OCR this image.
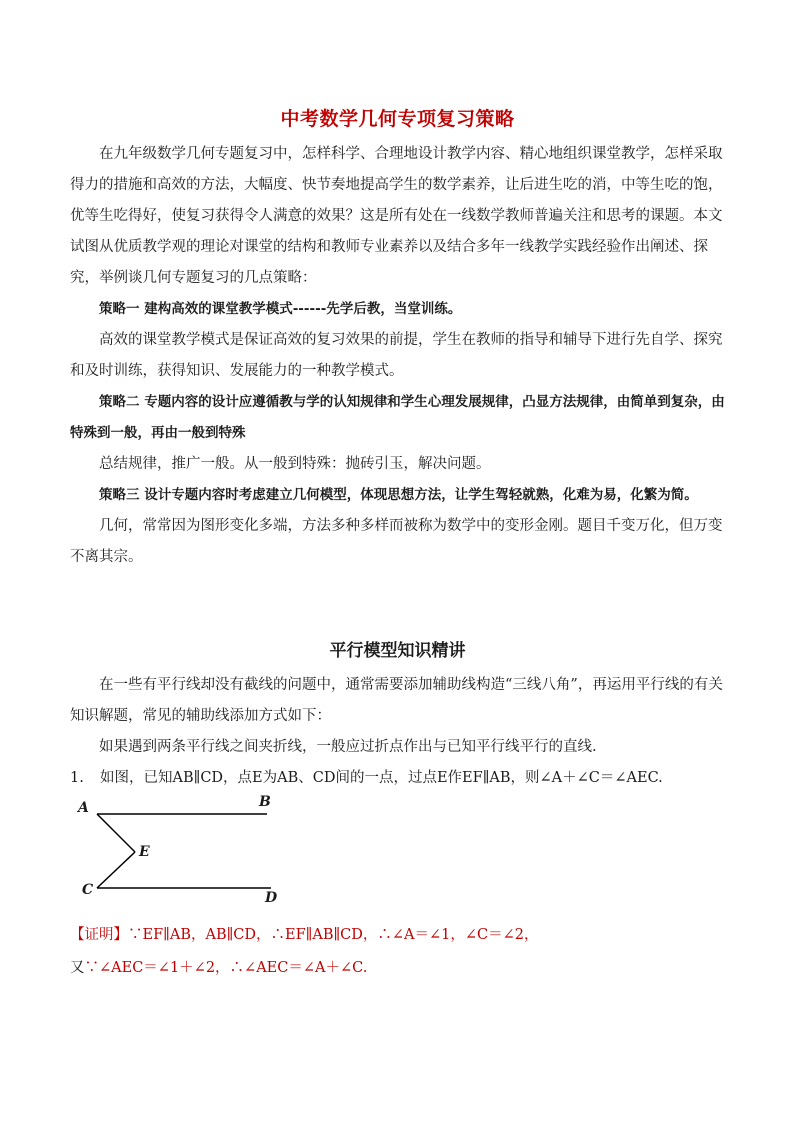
中考数学几何专项复习策略

在九年级数学几何专题复习中，怎样科学、合理地设计教学内容、精心地组织课堂教学，怎样采取得力的措施和高效的方法，大幅度、快节奏地提高学生的数学素养，让后进生吃的消，中等生吃的饱，优等生吃得好，使复习获得令人满意的效果？这是所有处在一线数学教师普遍关注和思考的课题。本文试图从优质教学观的理论对课堂的结构和教师专业素养以及结合多年一线教学实践经验作出阐述、探究，举例谈几何专题复习的几点策略：

策略一 建构高效的课堂教学模式------先学后教，当堂训练。

高效的课堂教学模式是保证高效的复习效果的前提，学生在教师的指导和辅导下进行先自学、探究和及时训练，获得知识、发展能力的一种教学模式。

策略二 专题内容的设计应遵循教与学的认知规律和学生心理发展规律，凸显方法规律，由简单到复杂，由特殊到一般，再由一般到特殊

总结规律，推广一般。从一般到特殊：抛砖引玉，解决问题。

策略三 设计专题内容时考虑建立几何模型，体现思想方法，让学生驾轻就熟，化难为易，化繁为简。

几何，常常因为图形变化多端，方法多种多样而被称为数学中的变形金刚。题目千变万化，但万变不离其宗。

平行模型知识精讲

在一些有平行线却没有截线的问题中，通常需要添加辅助线构造“三线八角”，再运用平行线的有关知识解题，常见的辅助线添加方式如下：

如果遇到两条平行线之间夹折线，一般应过折点作出与已知平行线平行的直线.

1. 如图，已知AB∥CD，点E为AB、CD间的一点，过点E作EF∥AB，则∠A＋∠C＝∠AEC.

A	B
E
C	D

【证明】∵EF∥AB，AB∥CD，∴EF∥AB∥CD，∴∠A＝∠1，∠C＝∠2，

又∵∠AEC＝∠1＋∠2，∴∠AEC＝∠A＋∠C.
